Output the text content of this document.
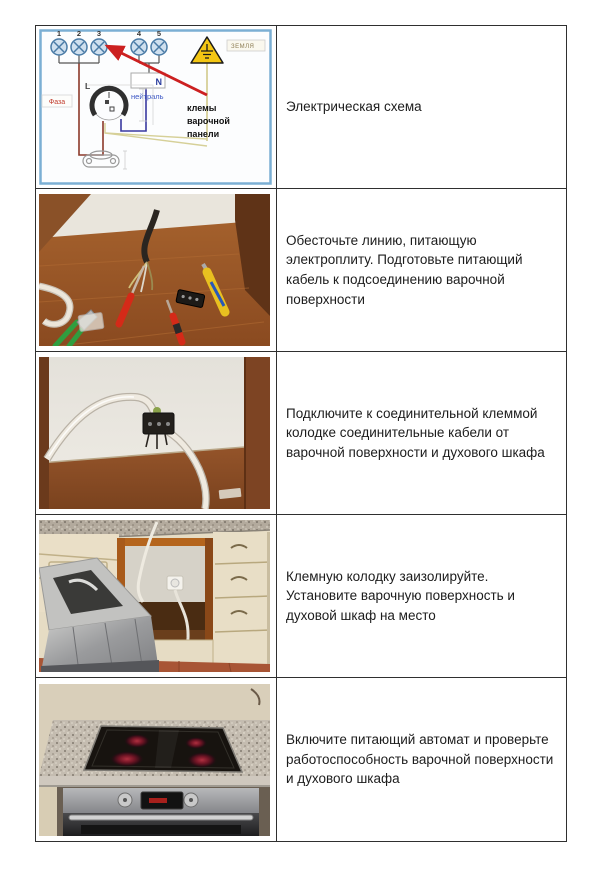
1 2 3	4 5
L
Фаза
N
нейтраль
ЗЕМЛЯ
клемы
варочной
панели

Электрическая схема

Обесточьте линию, питающую электроплиту. Подготовьте питающий кабель к подсоединению варочной поверхности

Подключите к соединительной клеммой колодке соединительные кабели от варочной поверхности и духового шкафа

Клемную колодку заизолируйте. Установите варочную поверхность и духовой шкаф на место

Включите питающий автомат и проверьте работоспособность варочной поверхности и духового шкафа
